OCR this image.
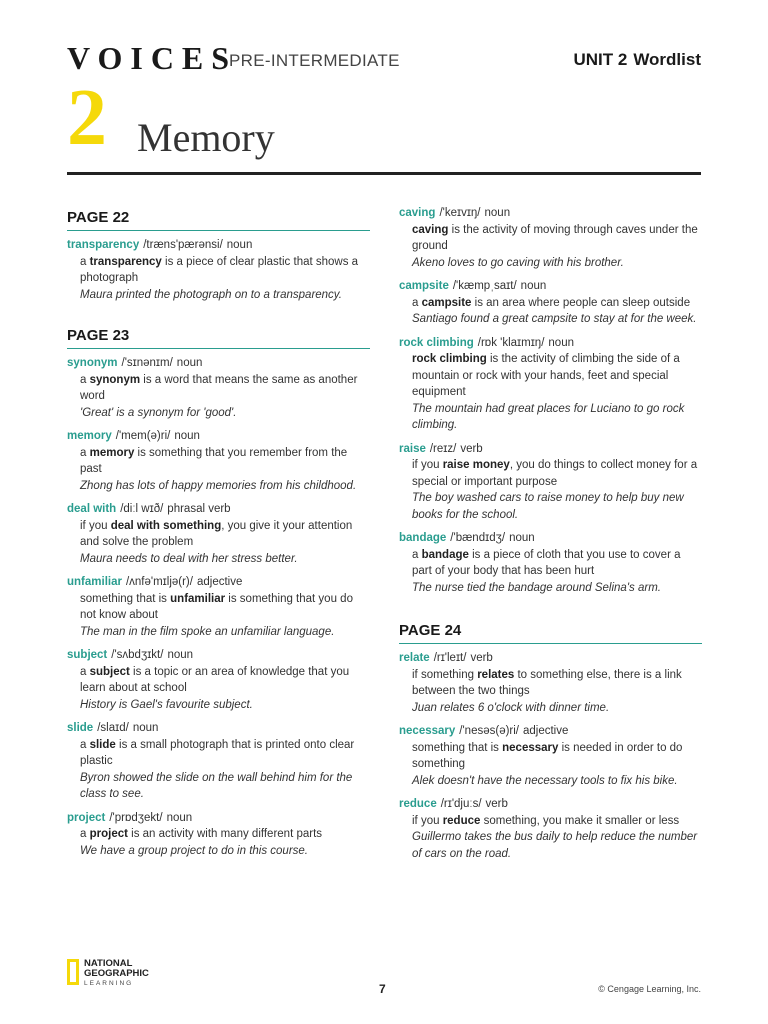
VOICES
PRE-INTERMEDIATE	UNIT 2 Wordlist
2 Memory
PAGE 22
transparency /træns'pærənsi/ noun
a transparency is a piece of clear plastic that shows a photograph
Maura printed the photograph on to a transparency.
PAGE 23
synonym /'sɪnənɪm/ noun
a synonym is a word that means the same as another word
'Great' is a synonym for 'good'.
memory /'mem(ə)ri/ noun
a memory is something that you remember from the past
Zhong has lots of happy memories from his childhood.
deal with /diːl wɪð/ phrasal verb
if you deal with something, you give it your attention and solve the problem
Maura needs to deal with her stress better.
unfamiliar /ʌnfə'mɪljə(r)/ adjective
something that is unfamiliar is something that you do not know about
The man in the film spoke an unfamiliar language.
subject /'sʌbdʒɪkt/ noun
a subject is a topic or an area of knowledge that you learn about at school
History is Gael's favourite subject.
slide /slaɪd/ noun
a slide is a small photograph that is printed onto clear plastic
Byron showed the slide on the wall behind him for the class to see.
project /'prɒdʒekt/ noun
a project is an activity with many different parts
We have a group project to do in this course.
caving /'keɪvɪŋ/ noun
caving is the activity of moving through caves under the ground
Akeno loves to go caving with his brother.
campsite /'kæmpˌsaɪt/ noun
a campsite is an area where people can sleep outside
Santiago found a great campsite to stay at for the week.
rock climbing /rɒk 'klaɪmɪŋ/ noun
rock climbing is the activity of climbing the side of a mountain or rock with your hands, feet and special equipment
The mountain had great places for Luciano to go rock climbing.
raise /reɪz/ verb
if you raise money, you do things to collect money for a special or important purpose
The boy washed cars to raise money to help buy new books for the school.
bandage /'bændɪdʒ/ noun
a bandage is a piece of cloth that you use to cover a part of your body that has been hurt
The nurse tied the bandage around Selina's arm.
PAGE 24
relate /rɪ'leɪt/ verb
if something relates to something else, there is a link between the two things
Juan relates 6 o'clock with dinner time.
necessary /'nesəs(ə)ri/ adjective
something that is necessary is needed in order to do something
Alek doesn't have the necessary tools to fix his bike.
reduce /rɪ'djuːs/ verb
if you reduce something, you make it smaller or less
Guillermo takes the bus daily to help reduce the number of cars on the road.
NATIONAL
GEOGRAPHIC
LEARNING	7	© Cengage Learning, Inc.
